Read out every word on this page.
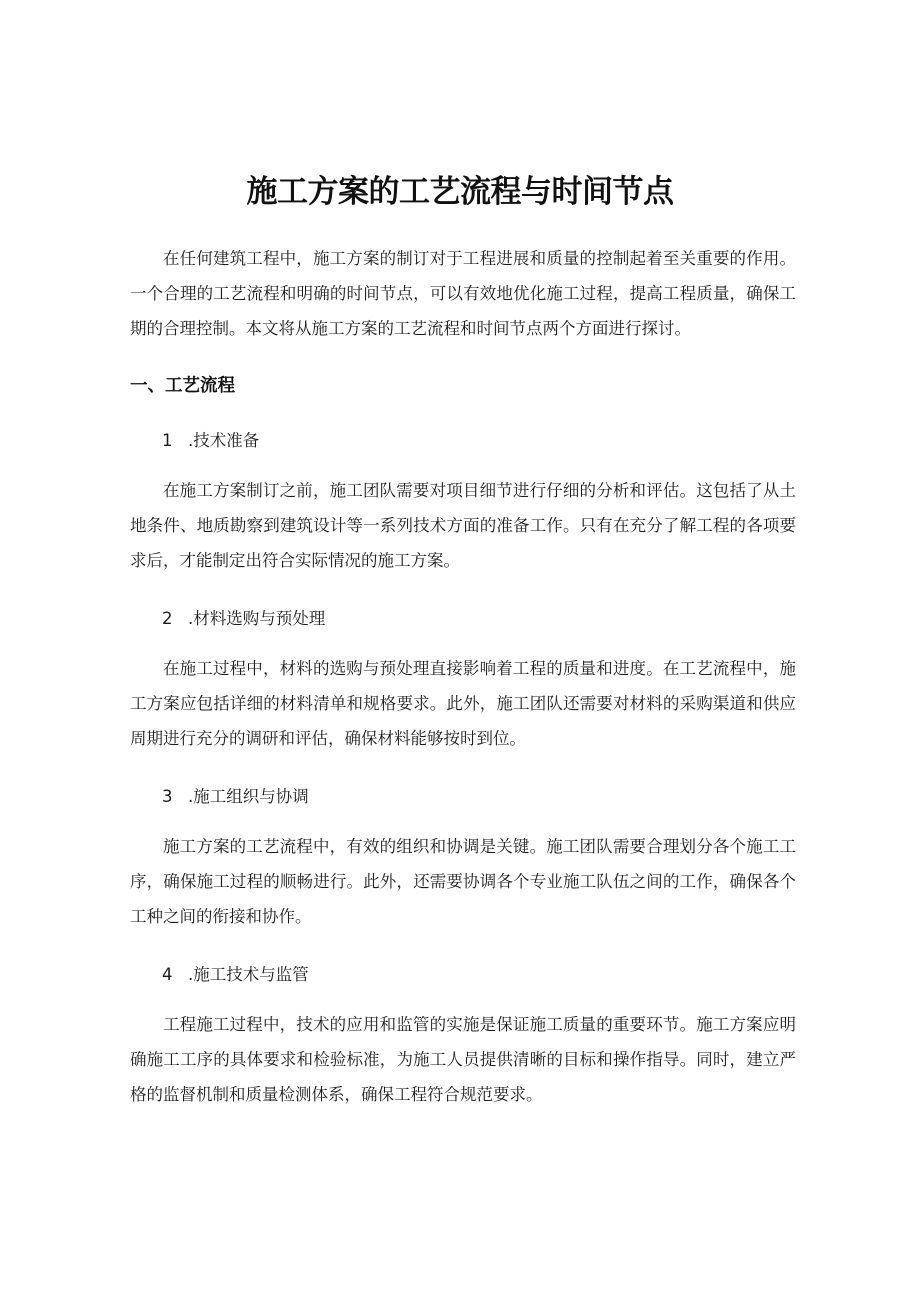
施工方案的工艺流程与时间节点

在任何建筑工程中，施工方案的制订对于工程进展和质量的控制起着至关重要的作用。一个合理的工艺流程和明确的时间节点，可以有效地优化施工过程，提高工程质量，确保工期的合理控制。本文将从施工方案的工艺流程和时间节点两个方面进行探讨。

一、工艺流程
1 .技术准备

在施工方案制订之前，施工团队需要对项目细节进行仔细的分析和评估。这包括了从土地条件、地质勘察到建筑设计等一系列技术方面的准备工作。只有在充分了解工程的各项要求后，才能制定出符合实际情况的施工方案。

2 .材料选购与预处理

在施工过程中，材料的选购与预处理直接影响着工程的质量和进度。在工艺流程中，施工方案应包括详细的材料清单和规格要求。此外，施工团队还需要对材料的采购渠道和供应周期进行充分的调研和评估，确保材料能够按时到位。

3 .施工组织与协调

施工方案的工艺流程中，有效的组织和协调是关键。施工团队需要合理划分各个施工工序，确保施工过程的顺畅进行。此外，还需要协调各个专业施工队伍之间的工作，确保各个工种之间的衔接和协作。

4 .施工技术与监管

工程施工过程中，技术的应用和监管的实施是保证施工质量的重要环节。施工方案应明确施工工序的具体要求和检验标准，为施工人员提供清晰的目标和操作指导。同时，建立严格的监督机制和质量检测体系，确保工程符合规范要求。
